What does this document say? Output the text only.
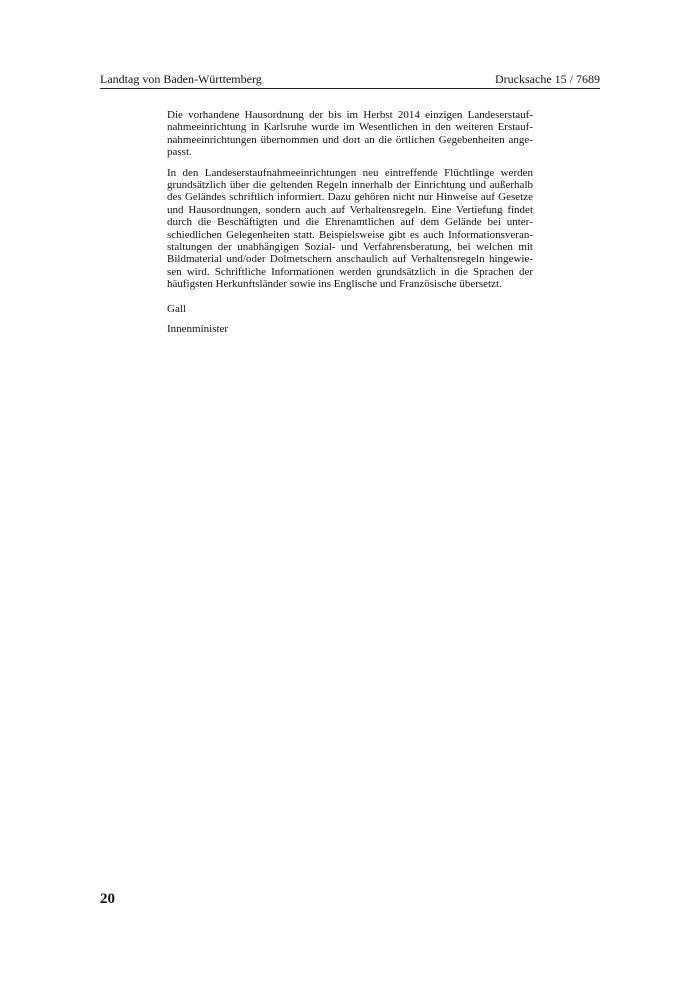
Landtag von Baden-Württemberg	Drucksache 15 / 7689

Die vorhandene Hausordnung der bis im Herbst 2014 einzigen Landeserstaufnahmeeinrichtung in Karlsruhe wurde im Wesentlichen in den weiteren Erstaufnahmeeinrichtungen übernommen und dort an die örtlichen Gegebenheiten angepasst.

In den Landeserstaufnahmeeinrichtungen neu eintreffende Flüchtlinge werden grundsätzlich über die geltenden Regeln innerhalb der Einrichtung und außerhalb des Geländes schriftlich informiert. Dazu gehören nicht nur Hinweise auf Gesetze und Hausordnungen, sondern auch auf Verhaltensregeln. Eine Vertiefung findet durch die Beschäftigten und die Ehrenamtlichen auf dem Gelände bei unterschiedlichen Gelegenheiten statt. Beispielsweise gibt es auch Informationsveranstaltungen der unabhängigen Sozial- und Verfahrensberatung, bei welchen mit Bildmaterial und/oder Dolmetschern anschaulich auf Verhaltensregeln hingewiesen wird. Schriftliche Informationen werden grundsätzlich in die Sprachen der häufigsten Herkunftsländer sowie ins Englische und Französische übersetzt.

Gall
Innenminister
20
